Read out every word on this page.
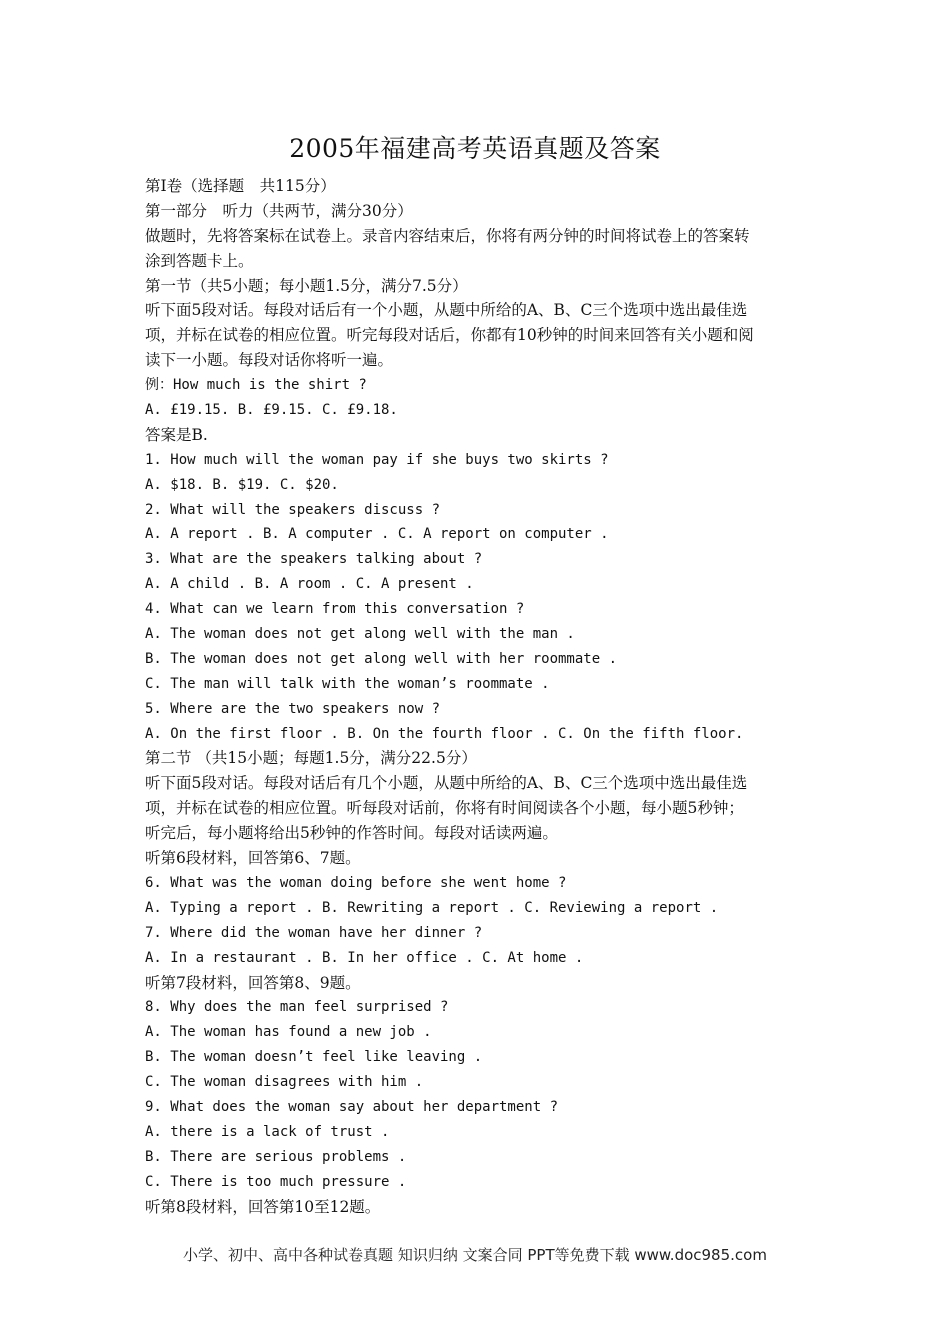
2005年福建高考英语真题及答案
第Ⅰ卷（选择题　共115分）
第一部分　听力（共两节，满分30分）
做题时，先将答案标在试卷上。录音内容结束后，你将有两分钟的时间将试卷上的答案转
涂到答题卡上。
第一节（共5小题；每小题1.5分，满分7.5分）
听下面5段对话。每段对话后有一个小题，从题中所给的A、B、C三个选项中选出最佳选
项，并标在试卷的相应位置。听完每段对话后，你都有10秒钟的时间来回答有关小题和阅
读下一小题。每段对话你将听一遍。
例：How much is the shirt ?
A. £19.15. B. £9.15. C. £9.18.
答案是B.
1. How much will the woman pay if she buys two skirts ?
A. $18. B. $19. C. $20.
2. What will the speakers discuss ?
A. A report . B. A computer . C. A report on computer .
3. What are the speakers talking about ?
A. A child . B. A room . C. A present .
4. What can we learn from this conversation ?
A. The woman does not get along well with the man .
B. The woman does not get along well with her roommate .
C. The man will talk with the woman’s roommate .
5. Where are the two speakers now ?
A. On the first floor . B. On the fourth floor . C. On the fifth floor.
第二节 （共15小题；每题1.5分，满分22.5分）
听下面5段对话。每段对话后有几个小题，从题中所给的A、B、C三个选项中选出最佳选
项，并标在试卷的相应位置。听每段对话前，你将有时间阅读各个小题，每小题5秒钟；
听完后，每小题将给出5秒钟的作答时间。每段对话读两遍。
听第6段材料，回答第6、7题。
6. What was the woman doing before she went home ?
A. Typing a report . B. Rewriting a report . C. Reviewing a report .
7. Where did the woman have her dinner ?
A. In a restaurant . B. In her office . C. At home .
听第7段材料，回答第8、9题。
8. Why does the man feel surprised ?
A. The woman has found a new job .
B. The woman doesn’t feel like leaving .
C. The woman disagrees with him .
9. What does the woman say about her department ?
A. there is a lack of trust .
B. There are serious problems .
C. There is too much pressure .
听第8段材料，回答第10至12题。
小学、初中、高中各种试卷真题 知识归纳 文案合同 PPT等免费下载 www.doc985.com
